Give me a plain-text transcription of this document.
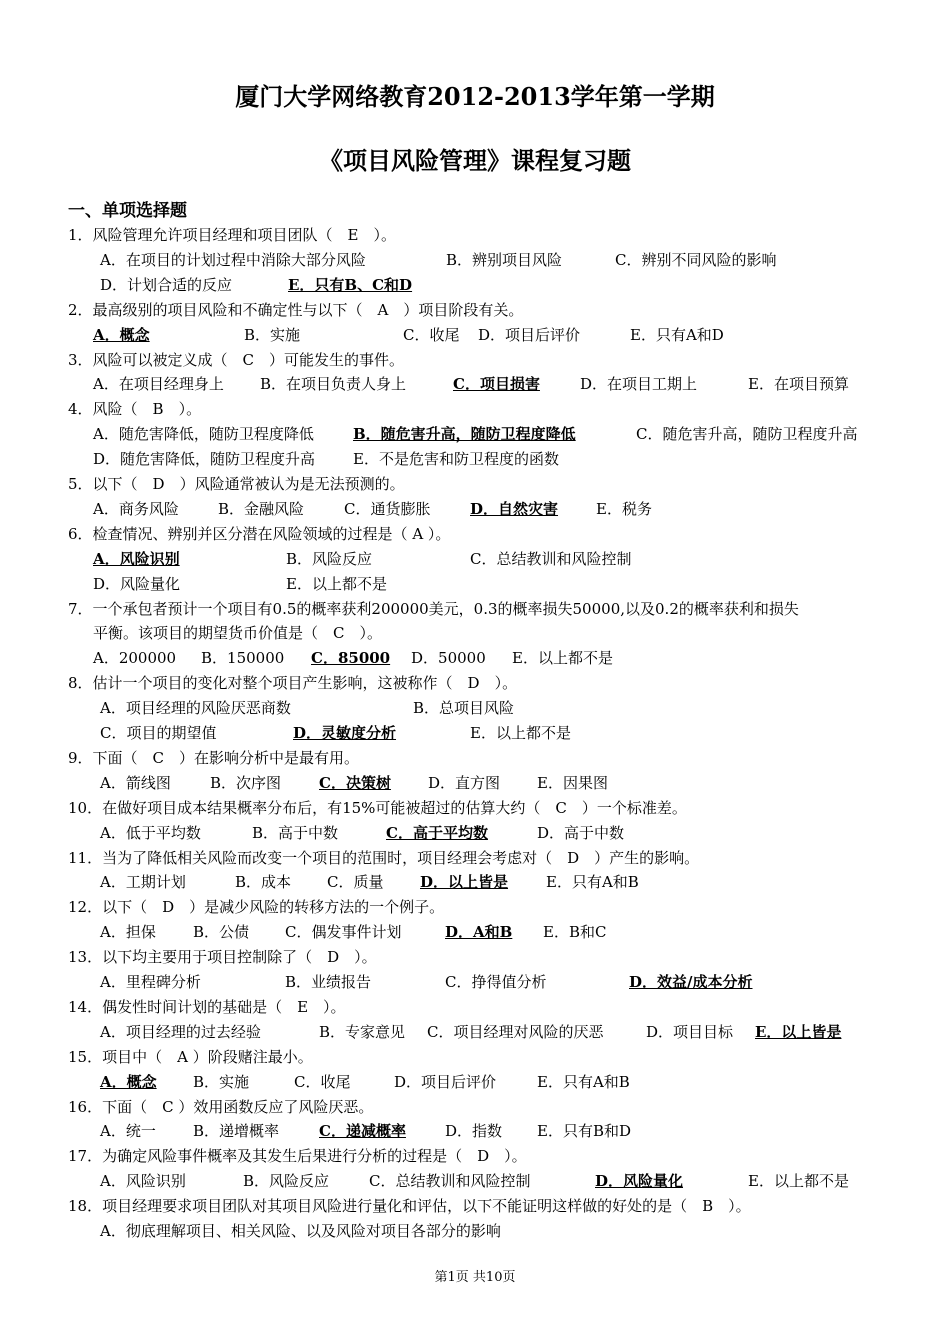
厦门大学网络教育2012-2013学年第一学期
《项目风险管理》课程复习题
一、单项选择题
1．风险管理允许项目经理和项目团队（　E　）。
A．在项目的计划过程中消除大部分风险	B．辨别项目风险	C．辨别不同风险的影响
D．计划合适的反应	E．只有B、C和D
2．最高级别的项目风险和不确定性与以下（　A　）项目阶段有关。
A．概念	B．实施	C．收尾 D．项目后评价	E．只有A和D
3．风险可以被定义成（　C　）可能发生的事件。
A．在项目经理身上 B．在项目负责人身上	C．项目损害	D．在项目工期上	E．在项目预算
4．风险（　B　）。
A．随危害降低，随防卫程度降低	B．随危害升高，随防卫程度降低	C．随危害升高，随防卫程度升高
D．随危害降低，随防卫程度升高	E．不是危害和防卫程度的函数
5．以下（　D　）风险通常被认为是无法预测的。
A．商务风险	B．金融风险	C．通货膨胀	D．自然灾害	E．税务
6．检查情况、辨别并区分潜在风险领域的过程是（ A ）。
A．风险识别	B．风险反应	C．总结教训和风险控制
D．风险量化	E．以上都不是
7．一个承包者预计一个项目有0.5的概率获利200000美元，0.3的概率损失50000,以及0.2的概率获利和损失
平衡。该项目的期望货币价值是（　C　）。
A．200000 B．150000 C．85000 D．50000 E．以上都不是
8．估计一个项目的变化对整个项目产生影响，这被称作（　D　）。
A．项目经理的风险厌恶商数	B．总项目风险
C．项目的期望值	D．灵敏度分析	E．以上都不是
9．下面（　C　）在影响分析中是最有用。
A．箭线图	B．次序图	C．决策树 D．直方图 E．因果图
10．在做好项目成本结果概率分布后，有15%可能被超过的估算大约（　C　）一个标准差。
A．低于平均数	B．高于中数	C．高于平均数	D．高于中数
11．当为了降低相关风险而改变一个项目的范围时，项目经理会考虑对（　D　）产生的影响。
A．工期计划	B．成本 C．质量 D．以上皆是	E．只有A和B
12．以下（　D　）是减少风险的转移方法的一个例子。
A．担保 B．公债 C．偶发事件计划	D．A和B E．B和C
13．以下均主要用于项目控制除了（　D　）。
A．里程碑分析	B．业绩报告	C．挣得值分析	D．效益/成本分析
14．偶发性时间计划的基础是（　E　）。
A．项目经理的过去经验	B．专家意见 C．项目经理对风险的厌恶	D．项目目标 E．以上皆是
15．项目中（　A ）阶段赌注最小。
A．概念 B．实施	C．收尾	D．项目后评价	E．只有A和B
16．下面（　C ）效用函数反应了风险厌恶。
A．统一 B．递增概率	C．递减概率	D．指数 E．只有B和D
17．为确定风险事件概率及其发生后果进行分析的过程是（　D　）。
A．风险识别	B．风险反应	C．总结教训和风险控制	D．风险量化	E．以上都不是
18．项目经理要求项目团队对其项目风险进行量化和评估，以下不能证明这样做的好处的是（　B　）。
A．彻底理解项目、相关风险、以及风险对项目各部分的影响
第1页 共10页
